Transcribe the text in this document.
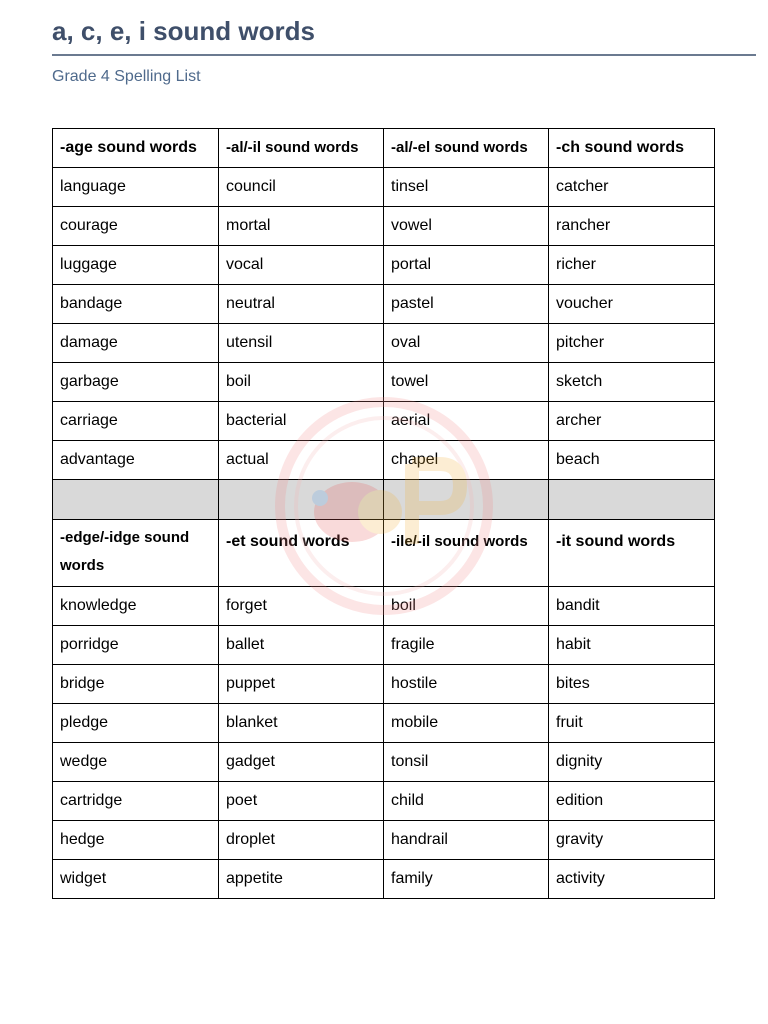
a, c, e, i sound words
Grade 4 Spelling List
-age sound words	-al/-il sound words	-al/-el sound words	-ch sound words
language	council	tinsel	catcher
courage	mortal	vowel	rancher
luggage	vocal	portal	richer
bandage	neutral	pastel	voucher
damage	utensil	oval	pitcher
garbage	boil	towel	sketch
carriage	bacterial	aerial	archer
advantage	actual	chapel	beach

-edge/-idge sound words	-et sound words	-ile/-il sound words	-it sound words
knowledge	forget	boil	bandit
porridge	ballet	fragile	habit
bridge	puppet	hostile	bites
pledge	blanket	mobile	fruit
wedge	gadget	tonsil	dignity
cartridge	poet	child	edition
hedge	droplet	handrail	gravity
widget	appetite	family	activity
